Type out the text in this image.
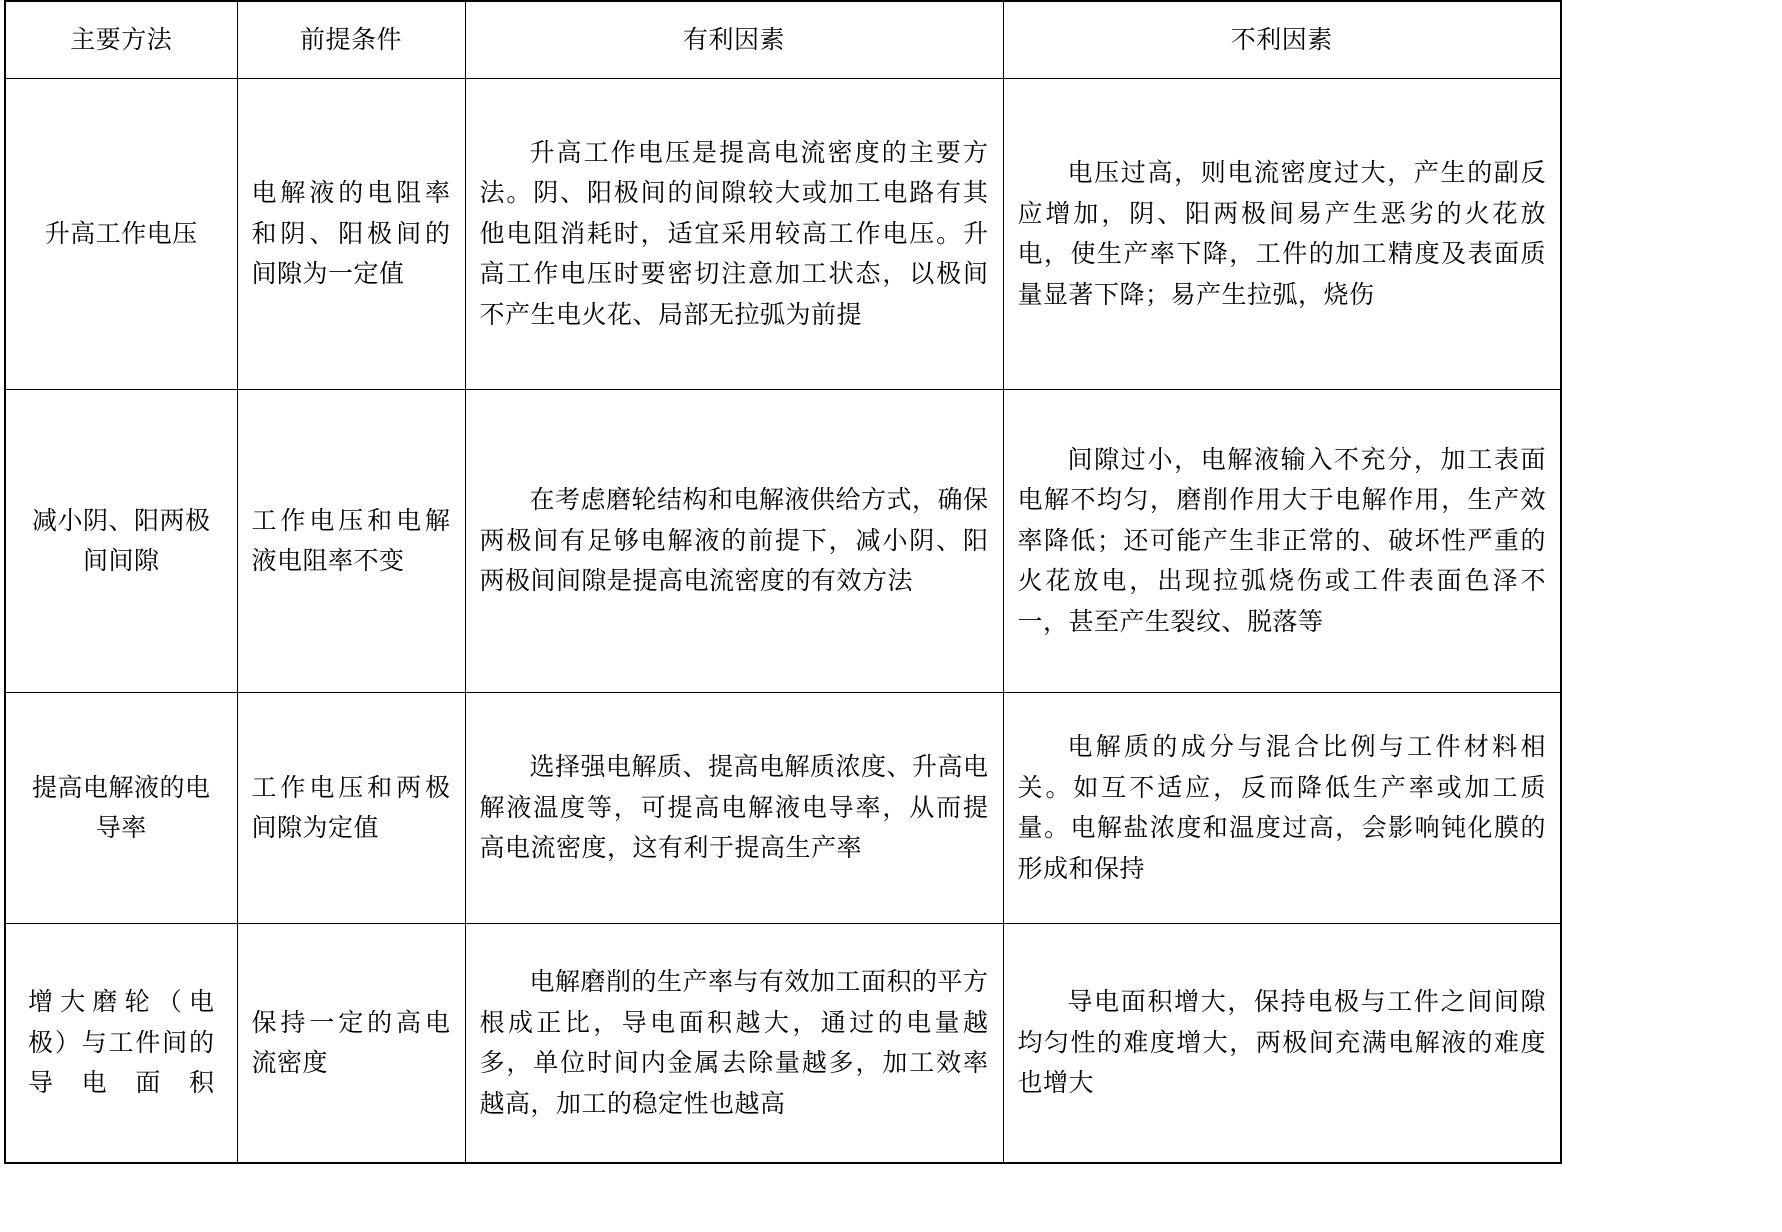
主要方法	前提条件	有利因素	不利因素
升高工作电压	电解液的电阻率和阴、阳极间的间隙为一定值	升高工作电压是提高电流密度的主要方法。阴、阳极间的间隙较大或加工电路有其他电阻消耗时，适宜采用较高工作电压。升高工作电压时要密切注意加工状态，以极间不产生电火花、局部无拉弧为前提	电压过高，则电流密度过大，产生的副反应增加，阴、阳两极间易产生恶劣的火花放电，使生产率下降，工件的加工精度及表面质量显著下降；易产生拉弧，烧伤
减小阴、阳两极间间隙	工作电压和电解液电阻率不变	在考虑磨轮结构和电解液供给方式，确保两极间有足够电解液的前提下，减小阴、阳两极间间隙是提高电流密度的有效方法	间隙过小，电解液输入不充分，加工表面电解不均匀，磨削作用大于电解作用，生产效率降低；还可能产生非正常的、破坏性严重的火花放电，出现拉弧烧伤或工件表面色泽不一，甚至产生裂纹、脱落等
提高电解液的电导率	工作电压和两极间隙为定值	选择强电解质、提高电解质浓度、升高电解液温度等，可提高电解液电导率，从而提高电流密度，这有利于提高生产率	电解质的成分与混合比例与工件材料相关。如互不适应，反而降低生产率或加工质量。电解盐浓度和温度过高，会影响钝化膜的形成和保持
增大磨轮（电极）与工件间的导电面积	保持一定的高电流密度	电解磨削的生产率与有效加工面积的平方根成正比，导电面积越大，通过的电量越多，单位时间内金属去除量越多，加工效率越高，加工的稳定性也越高	导电面积增大，保持电极与工件之间间隙均匀性的难度增大，两极间充满电解液的难度也增大
